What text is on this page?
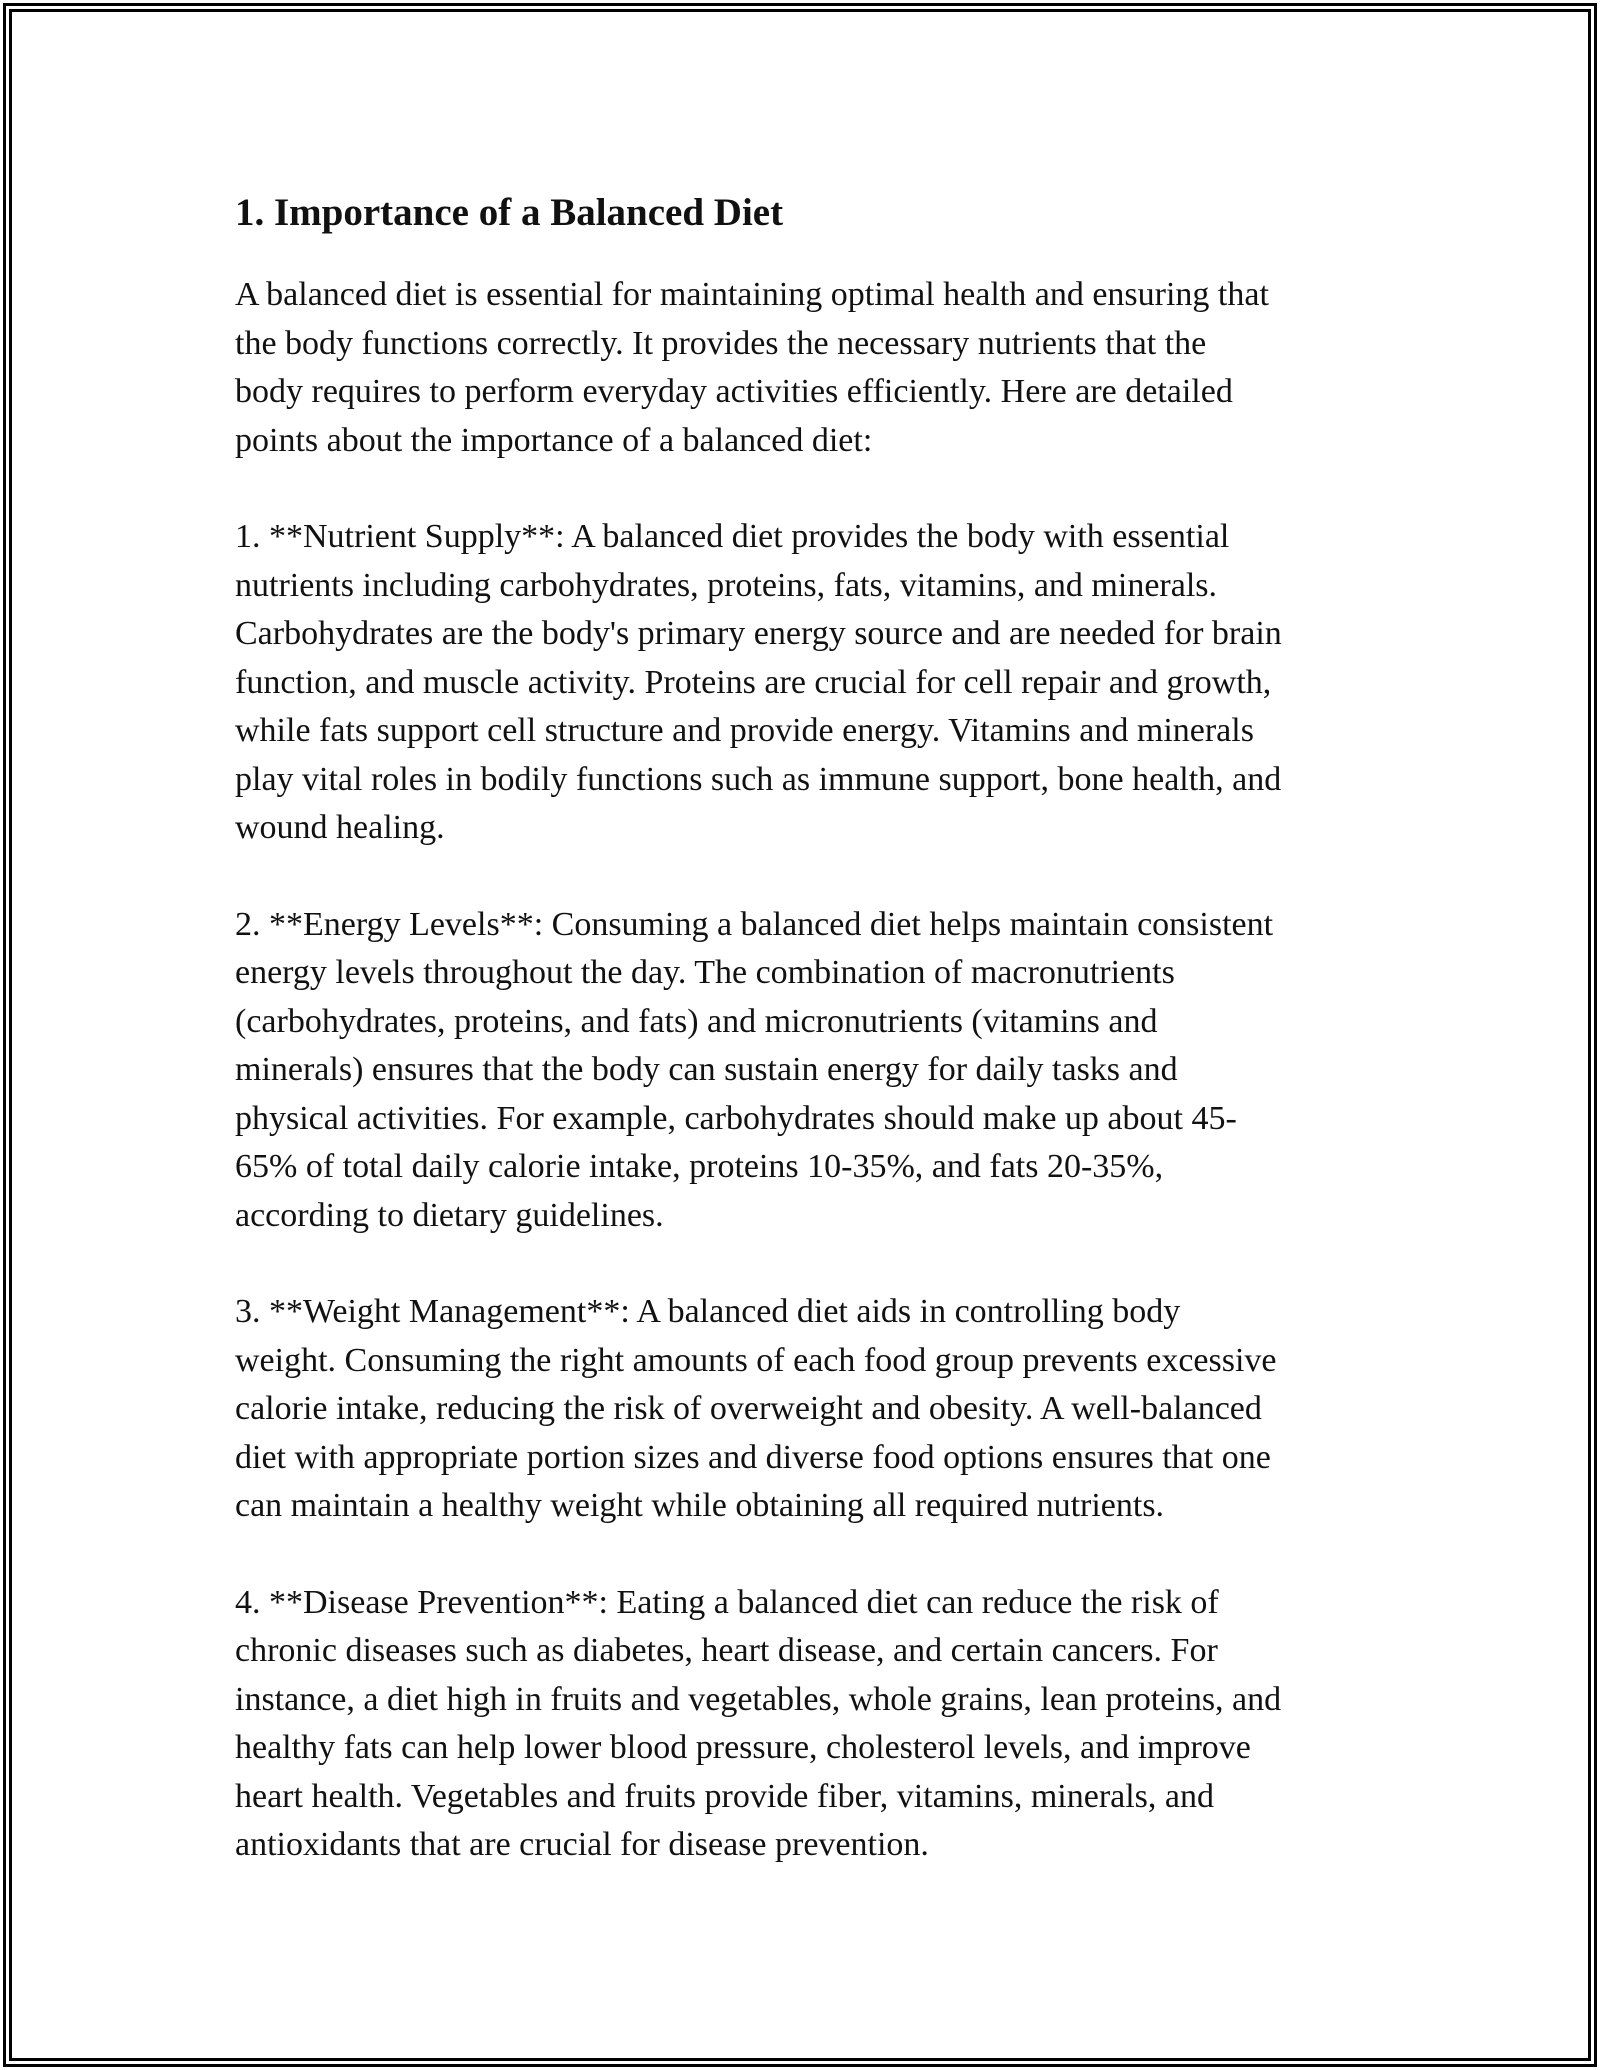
1. Importance of a Balanced Diet

A balanced diet is essential for maintaining optimal health and ensuring that
the body functions correctly. It provides the necessary nutrients that the
body requires to perform everyday activities efficiently. Here are detailed
points about the importance of a balanced diet:

1. **Nutrient Supply**: A balanced diet provides the body with essential
nutrients including carbohydrates, proteins, fats, vitamins, and minerals.
Carbohydrates are the body's primary energy source and are needed for brain
function, and muscle activity. Proteins are crucial for cell repair and growth,
while fats support cell structure and provide energy. Vitamins and minerals
play vital roles in bodily functions such as immune support, bone health, and
wound healing.

2. **Energy Levels**: Consuming a balanced diet helps maintain consistent
energy levels throughout the day. The combination of macronutrients
(carbohydrates, proteins, and fats) and micronutrients (vitamins and
minerals) ensures that the body can sustain energy for daily tasks and
physical activities. For example, carbohydrates should make up about 45-
65% of total daily calorie intake, proteins 10-35%, and fats 20-35%,
according to dietary guidelines.

3. **Weight Management**: A balanced diet aids in controlling body
weight. Consuming the right amounts of each food group prevents excessive
calorie intake, reducing the risk of overweight and obesity. A well-balanced
diet with appropriate portion sizes and diverse food options ensures that one
can maintain a healthy weight while obtaining all required nutrients.

4. **Disease Prevention**: Eating a balanced diet can reduce the risk of
chronic diseases such as diabetes, heart disease, and certain cancers. For
instance, a diet high in fruits and vegetables, whole grains, lean proteins, and
healthy fats can help lower blood pressure, cholesterol levels, and improve
heart health. Vegetables and fruits provide fiber, vitamins, minerals, and
antioxidants that are crucial for disease prevention.
